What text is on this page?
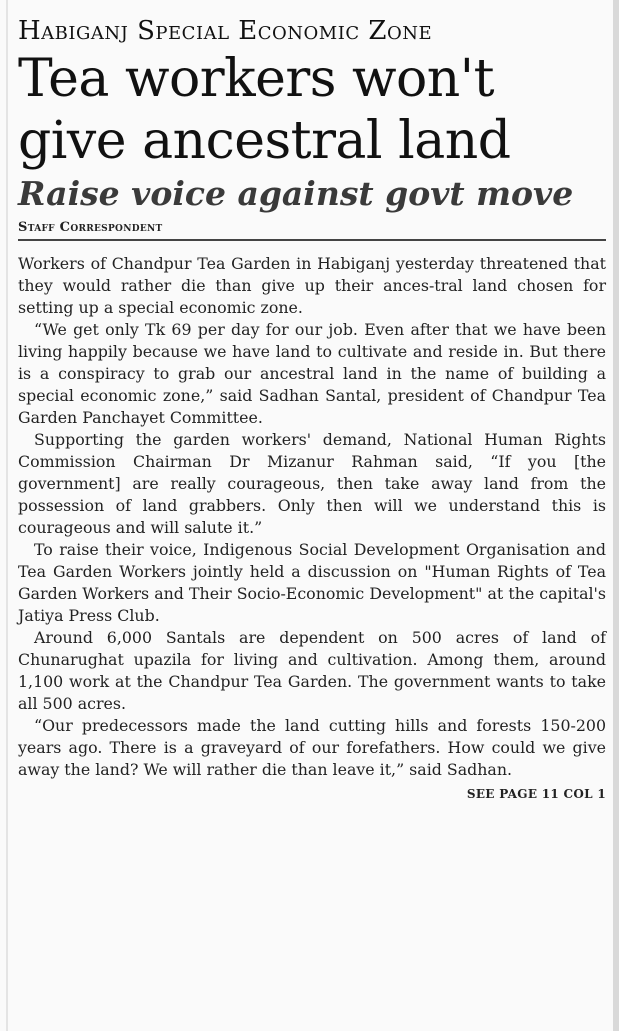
Habiganj Special Economic Zone
Tea workers won't
give ancestral land
Raise voice against govt move
Staff Correspondent

Workers of Chandpur Tea Garden in Habiganj yesterday threatened that they would rather die than give up their ances-tral land chosen for setting up a special economic zone.

“We get only Tk 69 per day for our job. Even after that we have been living happily because we have land to cultivate and reside in. But there is a conspiracy to grab our ancestral land in the name of building a special economic zone,” said Sadhan Santal, president of Chandpur Tea Garden Panchayet Committee.

Supporting the garden workers' demand, National Human Rights Commission Chairman Dr Mizanur Rahman said, “If you [the government] are really courageous, then take away land from the possession of land grabbers. Only then will we understand this is courageous and will salute it.”

To raise their voice, Indigenous Social Development Organisation and Tea Garden Workers jointly held a discussion on "Human Rights of Tea Garden Workers and Their Socio-Economic Development" at the capital's Jatiya Press Club.

Around 6,000 Santals are dependent on 500 acres of land of Chunarughat upazila for living and cultivation. Among them, around 1,100 work at the Chandpur Tea Garden. The government wants to take all 500 acres.

“Our predecessors made the land cutting hills and forests 150-200 years ago. There is a graveyard of our forefathers. How could we give away the land? We will rather die than leave it,” said Sadhan.

SEE PAGE 11 COL 1
